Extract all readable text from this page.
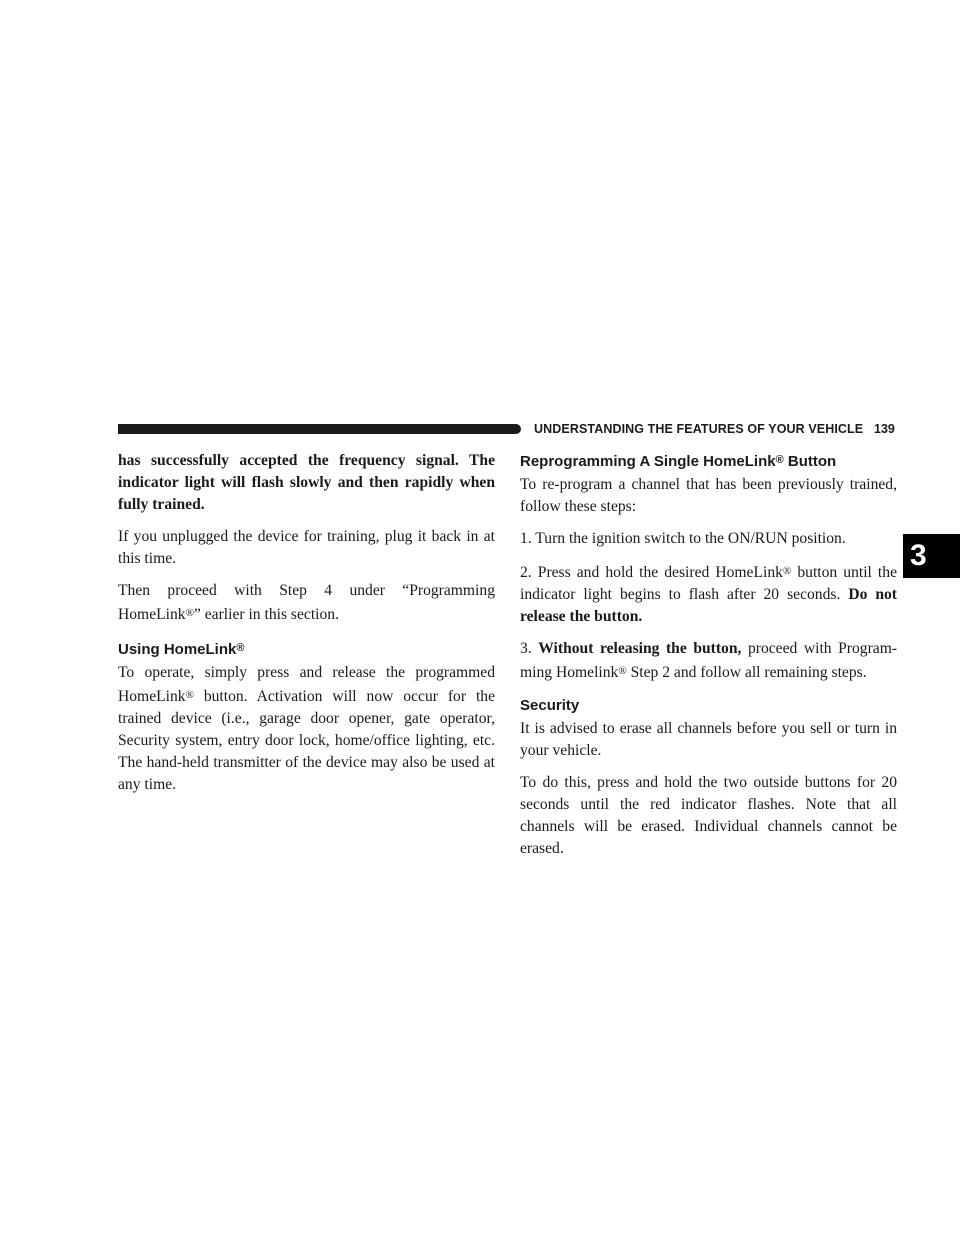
UNDERSTANDING THE FEATURES OF YOUR VEHICLE 139
3

has successfully accepted the frequency signal. The indicator light will flash slowly and then rapidly when fully trained.

If you unplugged the device for training, plug it back in at this time.

Then proceed with Step 4 under “Programming HomeLink®” earlier in this section.

Using HomeLink®

To operate, simply press and release the programmed HomeLink® button. Activation will now occur for the trained device (i.e., garage door opener, gate operator, Security system, entry door lock, home/office lighting, etc. The hand-held transmitter of the device may also be used at any time.

Reprogramming A Single HomeLink® Button

To re-program a channel that has been previously trained, follow these steps:

1. Turn the ignition switch to the ON/RUN position.

2. Press and hold the desired HomeLink® button until the indicator light begins to flash after 20 seconds. Do not release the button.

3. Without releasing the button, proceed with Program-ming Homelink® Step 2 and follow all remaining steps.

Security

It is advised to erase all channels before you sell or turn in your vehicle.

To do this, press and hold the two outside buttons for 20 seconds until the red indicator flashes. Note that all channels will be erased. Individual channels cannot be erased.
